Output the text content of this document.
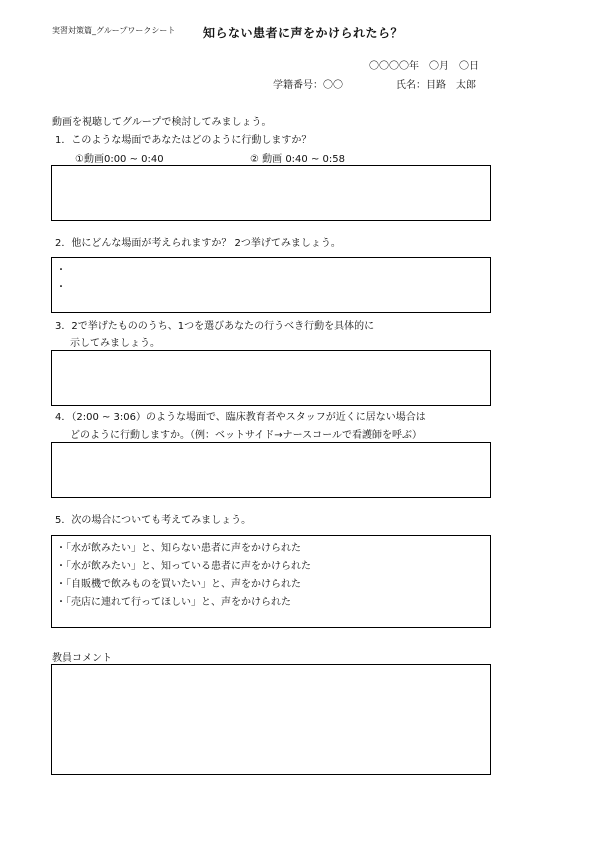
実習対策篇_グループワークシート 知らない患者に声をかけられたら？
〇〇〇〇年　〇月　〇日
学籍番号：〇〇	氏名：目路　太郎
動画を視聴してグループで検討してみましょう。
1．このような場面であなたはどのように行動しますか？
①動画0:00 ~ 0:40	② 動画 0:40 ~ 0:58
2．他にどんな場面が考えられますか？ 2つ挙げてみましょう。
・
・
3．2で挙げたもののうち、1つを選びあなたの行うべき行動を具体的に
示してみましょう。
4．（2:00 ~ 3:06）のような場面で、臨床教育者やスタッフが近くに居ない場合は
どのように行動しますか。（例：ベットサイド→ナースコールで看護師を呼ぶ）
5．次の場合についても考えてみましょう。
・「水が飲みたい」と、知らない患者に声をかけられた
・「水が飲みたい」と、知っている患者に声をかけられた
・「自販機で飲みものを買いたい」と、声をかけられた
・「売店に連れて行ってほしい」と、声をかけられた
教員コメント
